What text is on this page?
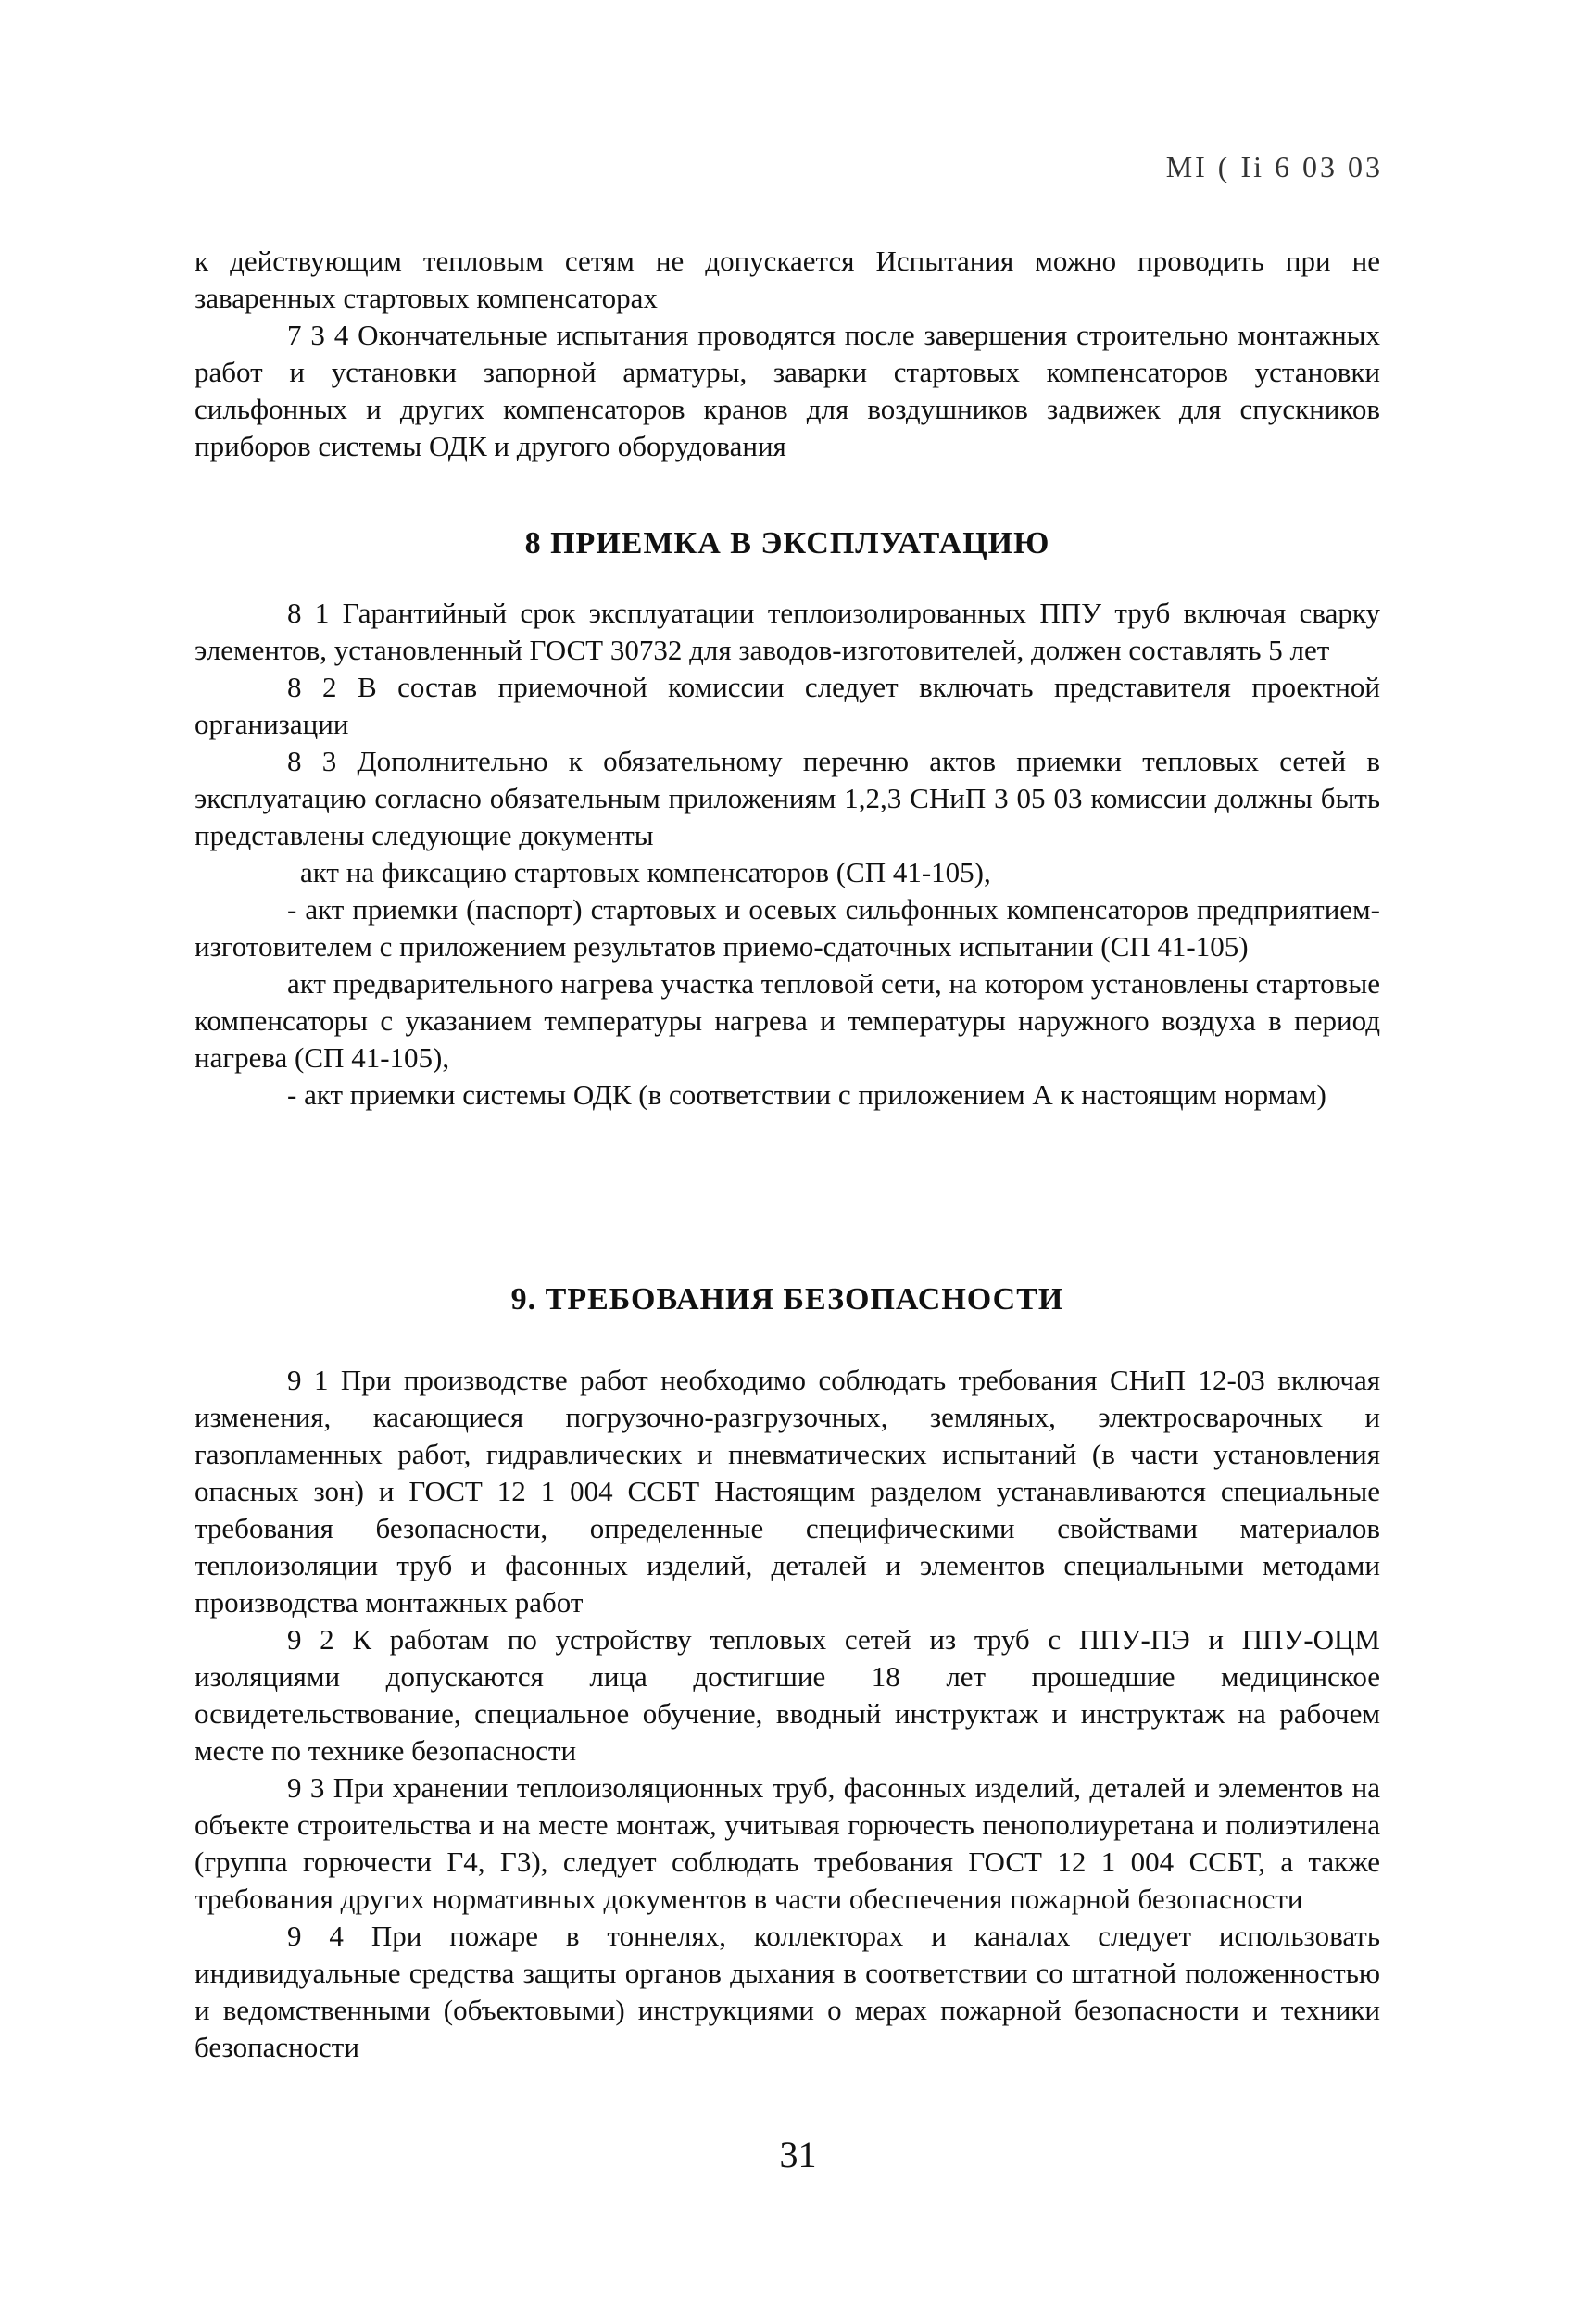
МІ ( Іі 6 03 03

к действующим тепловым сетям не допускается Испытания можно проводить при не заваренных стартовых компенсаторах

7 3 4 Окончательные испытания проводятся после завершения строительно монтажных работ и установки запорной арматуры, заварки стартовых компенсаторов установки сильфонных и других компенсаторов кранов для воздушников задвижек для спускников приборов системы ОДК и другого оборудования

8 ПРИЕМКА В ЭКСПЛУАТАЦИЮ

8 1 Гарантийный срок эксплуатации теплоизолированных ППУ труб включая сварку элементов, установленный ГОСТ 30732 для заводов-изготовителей, должен составлять 5 лет

8 2 В состав приемочной комиссии следует включать представителя проектной организации

8 3 Дополнительно к обязательному перечню актов приемки тепловых сетей в эксплуатацию согласно обязательным приложениям 1,2,3 СНиП 3 05 03 комиссии должны быть представлены следующие документы

акт на фиксацию стартовых компенсаторов (СП 41-105),

- акт приемки (паспорт) стартовых и осевых сильфонных компенсаторов предприятием-изготовителем с приложением результатов приемо-сдаточных испытании (СП 41-105)

акт предварительного нагрева участка тепловой сети, на котором установлены стартовые компенсаторы с указанием температуры нагрева и температуры наружного воздуха в период нагрева (СП 41-105),

- акт приемки системы ОДК (в соответствии с приложением А к настоящим нормам)

9. ТРЕБОВАНИЯ БЕЗОПАСНОСТИ

9 1 При производстве работ необходимо соблюдать требования СНиП 12-03 включая изменения, касающиеся погрузочно-разгрузочных, земляных, электросварочных и газопламенных работ, гидравлических и пневматических испытаний (в части установления опасных зон) и ГОСТ 12 1 004 ССБТ Настоящим разделом устанавливаются специальные требования безопасности, определенные специфическими свойствами материалов теплоизоляции труб и фасонных изделий, деталей и элементов специальными методами производства монтажных работ

9 2 К работам по устройству тепловых сетей из труб с ППУ-ПЭ и ППУ-ОЦМ изоляциями допускаются лица достигшие 18 лет прошедшие медицинское освидетельствование, специальное обучение, вводный инструктаж и инструктаж на рабочем месте по технике безопасности

9 3 При хранении теплоизоляционных труб, фасонных изделий, деталей и элементов на объекте строительства и на месте монтаж, учитывая горючесть пенополиуретана и полиэтилена (группа горючести Г4, Г3), следует соблюдать требования ГОСТ 12 1 004 ССБТ, а также требования других нормативных документов в части обеспечения пожарной безопасности

9 4 При пожаре в тоннелях, коллекторах и каналах следует использовать индивидуальные средства защиты органов дыхания в соответствии со штатной положенностью и ведомственными (объектовыми) инструкциями о мерах пожарной безопасности и техники безопасности

31
